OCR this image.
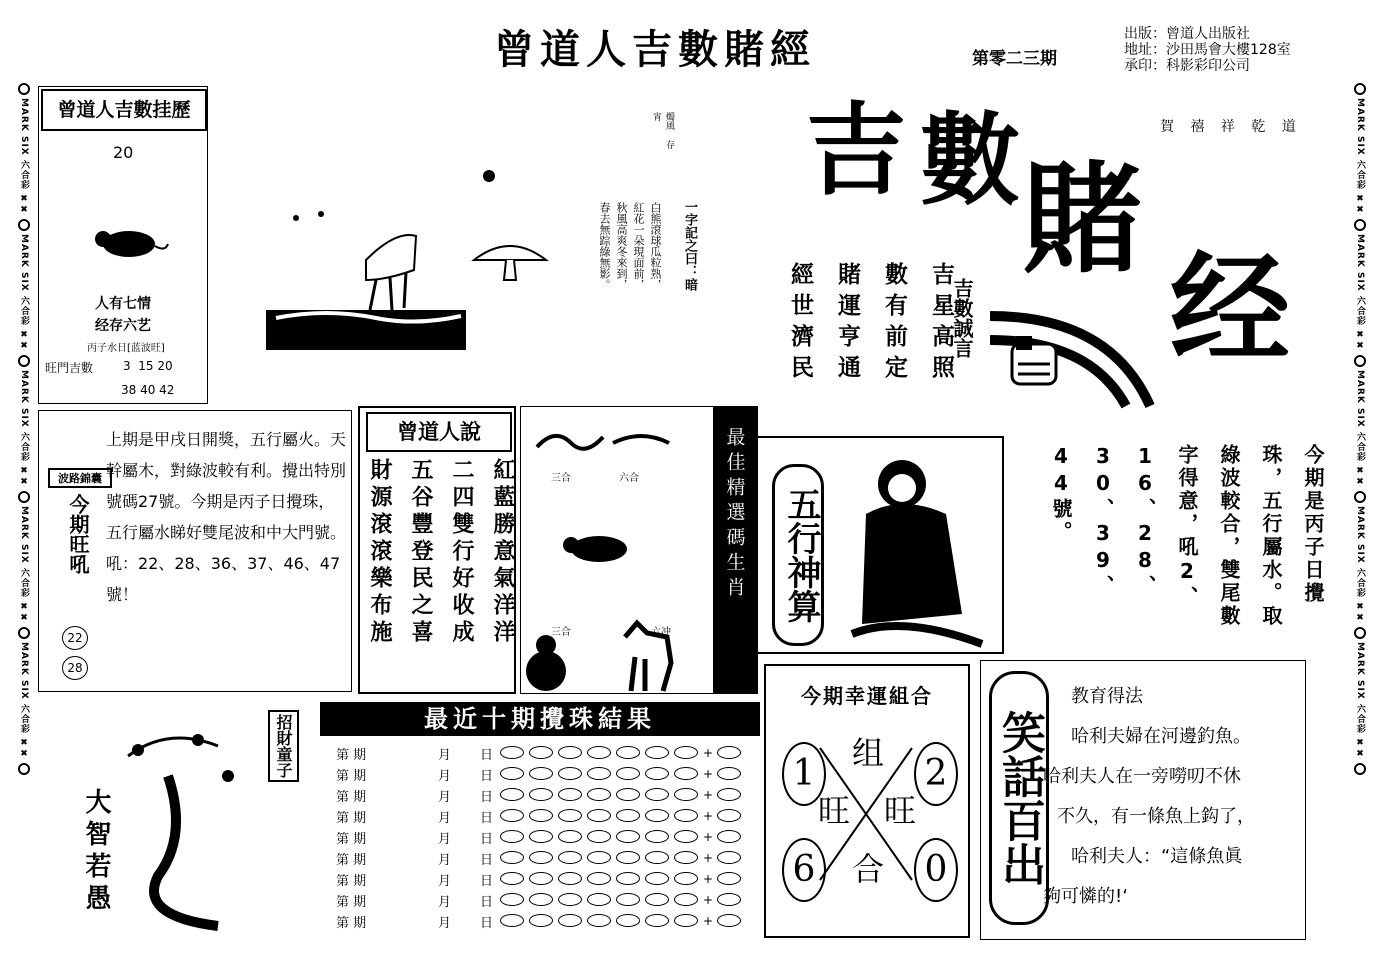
曾道人吉數賭經	第零二三期
出版：曾道人出版社
地址：沙田馬會大樓128室
承印：科影彩印公司
MARK SIX 六合彩 ✖✖
MARK SIX 六合彩 ✖✖
MARK SIX 六合彩 ✖✖
MARK SIX 六合彩 ✖✖
MARK SIX 六合彩 ✖✖
MARK SIX 六合彩 ✖✖
MARK SIX 六合彩 ✖✖
MARK SIX 六合彩 ✖✖
MARK SIX 六合彩 ✖✖
MARK SIX 六合彩 ✖✖
曾道人吉數挂歷
20
人有七情
经存六艺
丙子水日[蓝波旺]
旺門吉數 3  15 20
38 40 42
燭風 存宵
一字記之曰：暗
白熊滾球瓜粒熟，
紅花一朵現面前，
秋風高爽冬來到，
春去無踪綠無影。
吉 數 賭
经
賀 禧 祥 乾 道
吉數誠言
吉星高照
數有前定
賭運亨通
經世濟民
波路錦囊
今期旺吼
上期是甲戌日開獎，五行屬火。天幹屬木，對綠波較有利。攪出特別號碼27號。今期是丙子日攪珠，五行屬水睇好雙尾波和中大門號。吼：22、28、36、37、46、47號！
22
28
曾道人說
紅藍勝意氣洋洋
二四雙行好收成
五谷豐登民之喜
財源滾滾樂布施	最佳精選碼生肖
三合	六合
三合	六冲
五行神算	今期是丙子日攪珠，五行屬水。取綠波較合，雙尾數字得意，吼2、16、28、30、39、44號。
今期幸運組合
1	2
6	0
组
旺 旺
合 笑話百出
教育得法
哈利夫婦在河邊釣魚。
哈利夫人在一旁嘮叨不休
不久，有一條魚上鈎了，
哈利夫人：“這條魚眞
夠可憐的!‘
大智若愚
招財童子	最近十期攪珠結果
第 期	月 日	+
第 期	月 日	+
第 期	月 日	+
第 期	月 日	+
第 期	月 日	+
第 期	月 日	+
第 期	月 日	+
第 期	月 日	+
第 期	月 日	+
